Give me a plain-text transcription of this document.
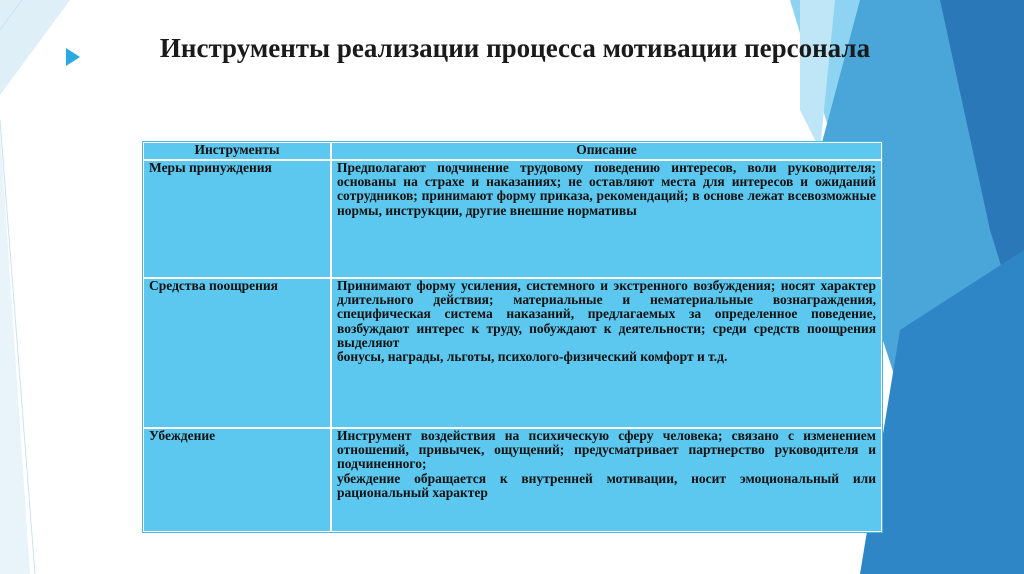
Инструменты реализации процесса мотивации персонала
Инструменты	Описание
Меры принуждения	Предполагают подчинение трудовому поведению интересов, воли руководителя; основаны на страхе и наказаниях; не оставляют места для интересов и ожиданий сотрудников; принимают форму приказа, рекомендаций; в основе лежат всевозможные нормы, инструкции, другие внешние нормативы

Средства поощрения	Принимают форму усиления, системного и экстренного возбуждения; носят характер длительного действия; материальные и нематериальные вознаграждения, специфическая система наказаний, предлагаемых за определенное поведение, возбуждают интерес к труду, побуждают к деятельности; среди средств поощрения выделяют
бонусы, награды, льготы, психолого-физический комфорт и т.д.

Убеждение	Инструмент воздействия на психическую сферу человека; связано с изменением отношений, привычек, ощущений; предусматривает партнерство руководителя и подчиненного;
убеждение обращается к внутренней мотивации, носит эмоциональный или рациональный характер
